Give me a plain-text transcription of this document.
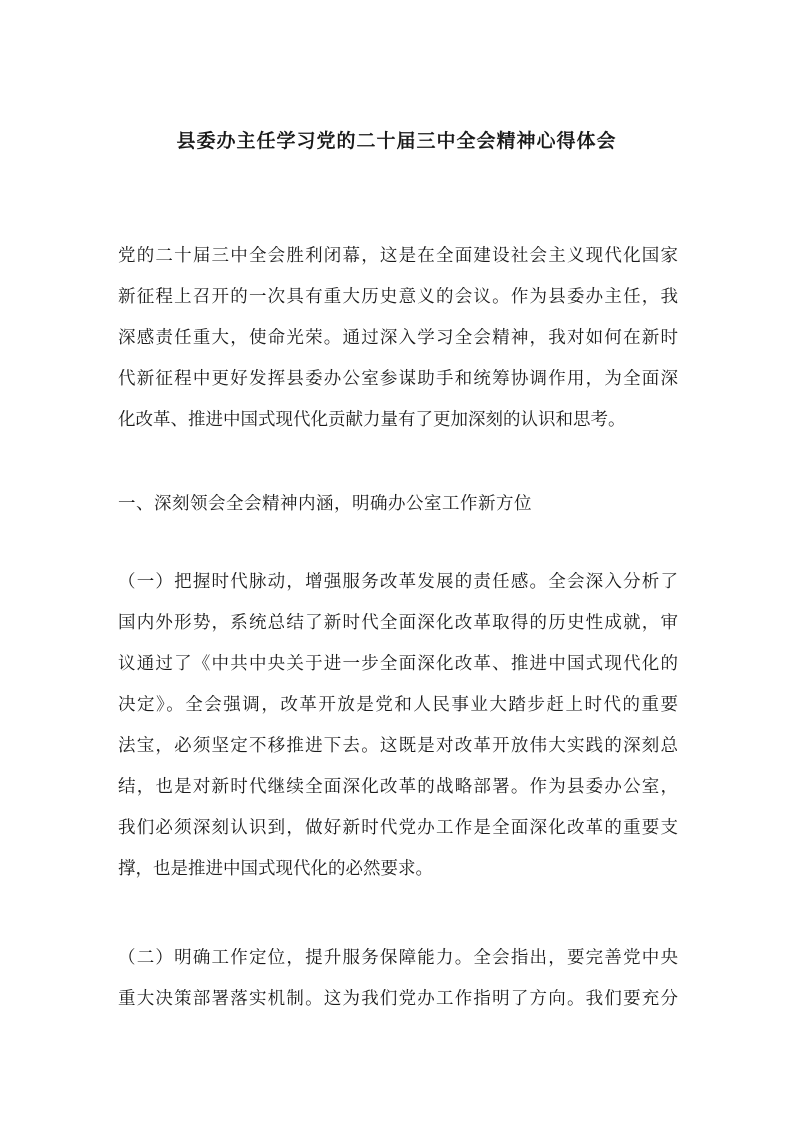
县委办主任学习党的二十届三中全会精神心得体会

党的二十届三中全会胜利闭幕，这是在全面建设社会主义现代化国家

新征程上召开的一次具有重大历史意义的会议。作为县委办主任，我

深感责任重大，使命光荣。通过深入学习全会精神，我对如何在新时

代新征程中更好发挥县委办公室参谋助手和统筹协调作用，为全面深

化改革、推进中国式现代化贡献力量有了更加深刻的认识和思考。

一、深刻领会全会精神内涵，明确办公室工作新方位

（一）把握时代脉动，增强服务改革发展的责任感。全会深入分析了

国内外形势，系统总结了新时代全面深化改革取得的历史性成就，审

议通过了《中共中央关于进一步全面深化改革、推进中国式现代化的

决定》。全会强调，改革开放是党和人民事业大踏步赶上时代的重要

法宝，必须坚定不移推进下去。这既是对改革开放伟大实践的深刻总

结，也是对新时代继续全面深化改革的战略部署。作为县委办公室，

我们必须深刻认识到，做好新时代党办工作是全面深化改革的重要支

撑，也是推进中国式现代化的必然要求。

（二）明确工作定位，提升服务保障能力。全会指出，要完善党中央

重大决策部署落实机制。这为我们党办工作指明了方向。我们要充分
